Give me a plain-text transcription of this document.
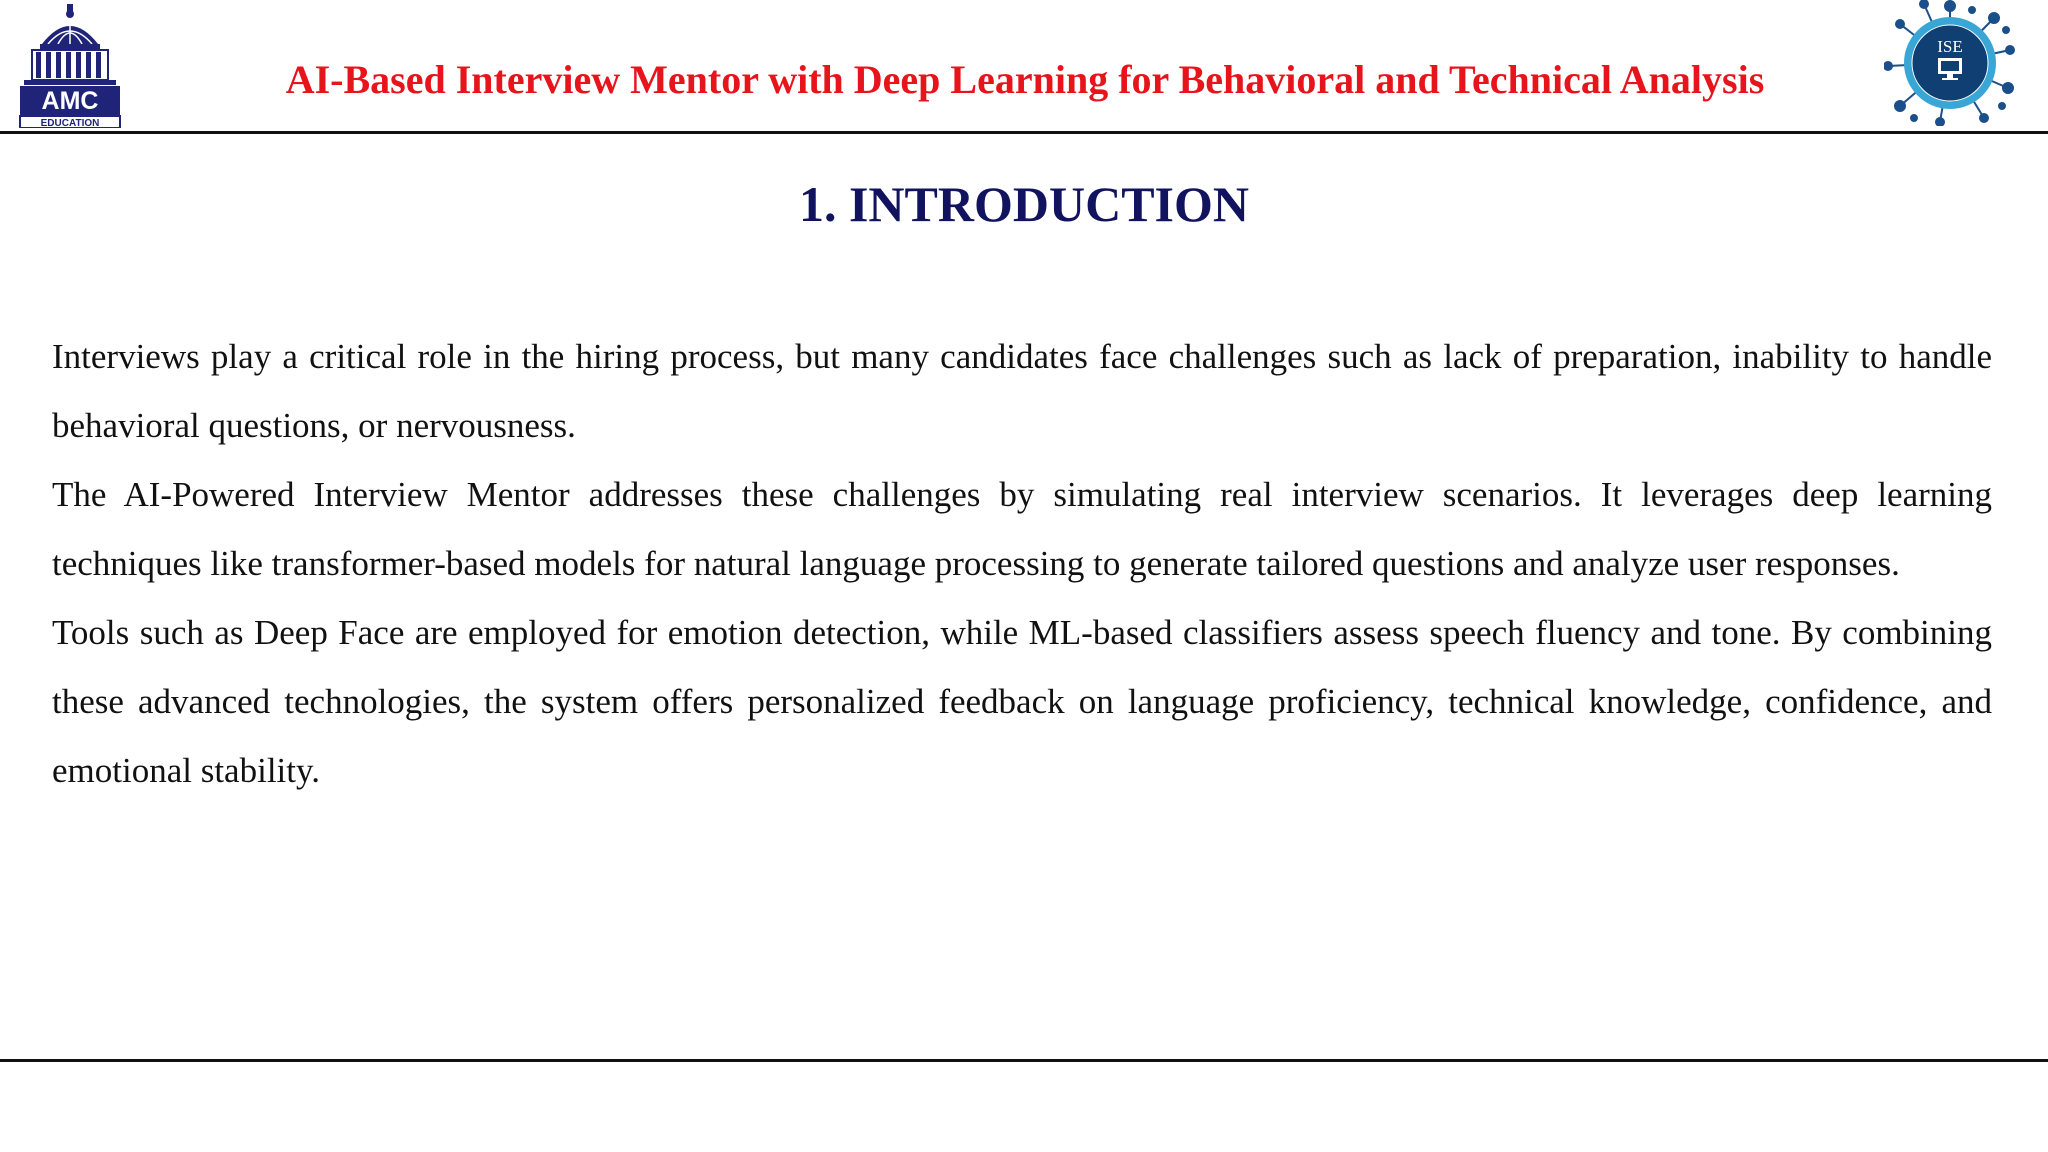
AMC
EDUCATION
AI-Based Interview Mentor with Deep Learning for Behavioral and Technical Analysis
ISE
1. INTRODUCTION

Interviews play a critical role in the hiring process, but many candidates face challenges such as lack of preparation, inability to handle behavioral questions, or nervousness.

The AI-Powered Interview Mentor addresses these challenges by simulating real interview scenarios. It leverages deep learning techniques like transformer-based models for natural language processing to generate tailored questions and analyze user responses.

Tools such as Deep Face are employed for emotion detection, while ML-based classifiers assess speech fluency and tone. By combining these advanced technologies, the system offers personalized feedback on language proficiency, technical knowledge, confidence, and emotional stability.
